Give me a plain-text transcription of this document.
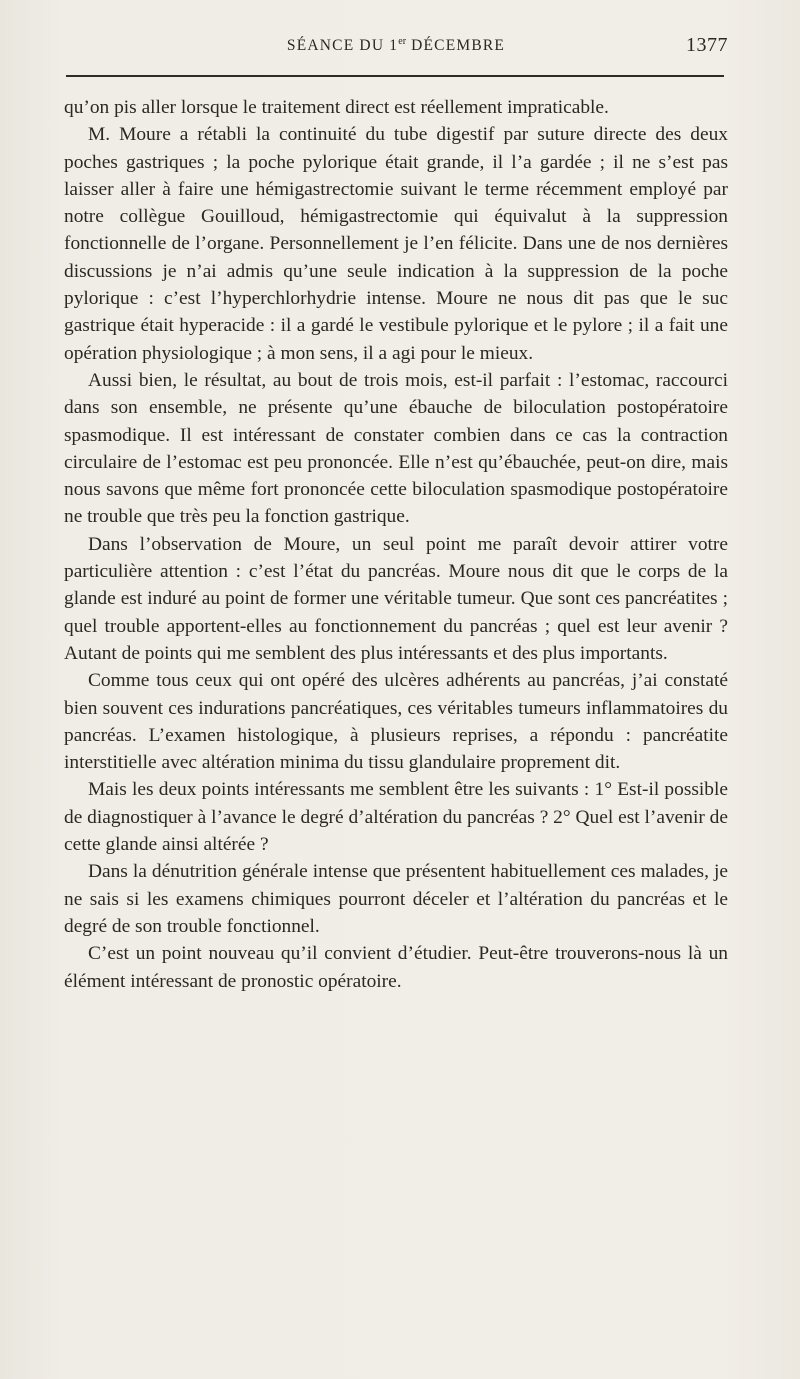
SÉANCE DU 1er DÉCEMBRE	1377

qu’on pis aller lorsque le traitement direct est réellement impraticable.

M. Moure a rétabli la continuité du tube digestif par suture directe des deux poches gastriques ; la poche pylorique était grande, il l’a gardée ; il ne s’est pas laisser aller à faire une hémigastrectomie suivant le terme récemment employé par notre collègue Gouilloud, hémigastrectomie qui équivalut à la suppression fonctionnelle de l’organe. Personnellement je l’en félicite. Dans une de nos dernières discussions je n’ai admis qu’une seule indication à la suppression de la poche pylorique : c’est l’hyperchlorhydrie intense. Moure ne nous dit pas que le suc gastrique était hyperacide : il a gardé le vestibule pylorique et le pylore ; il a fait une opération physiologique ; à mon sens, il a agi pour le mieux.

Aussi bien, le résultat, au bout de trois mois, est-il parfait : l’estomac, raccourci dans son ensemble, ne présente qu’une ébauche de biloculation postopératoire spasmodique. Il est intéressant de constater combien dans ce cas la contraction circulaire de l’estomac est peu prononcée. Elle n’est qu’ébauchée, peut-on dire, mais nous savons que même fort prononcée cette biloculation spasmodique postopératoire ne trouble que très peu la fonction gastrique.

Dans l’observation de Moure, un seul point me paraît devoir attirer votre particulière attention : c’est l’état du pancréas. Moure nous dit que le corps de la glande est induré au point de former une véritable tumeur. Que sont ces pancréatites ; quel trouble apportent-elles au fonctionnement du pancréas ; quel est leur avenir ? Autant de points qui me semblent des plus intéressants et des plus importants.

Comme tous ceux qui ont opéré des ulcères adhérents au pancréas, j’ai constaté bien souvent ces indurations pancréatiques, ces véritables tumeurs inflammatoires du pancréas. L’examen histologique, à plusieurs reprises, a répondu : pancréatite interstitielle avec altération minima du tissu glandulaire proprement dit.

Mais les deux points intéressants me semblent être les suivants : 1° Est-il possible de diagnostiquer à l’avance le degré d’altération du pancréas ? 2° Quel est l’avenir de cette glande ainsi altérée ?

Dans la dénutrition générale intense que présentent habituellement ces malades, je ne sais si les examens chimiques pourront déceler et l’altération du pancréas et le degré de son trouble fonctionnel.

C’est un point nouveau qu’il convient d’étudier. Peut-être trouverons-nous là un élément intéressant de pronostic opératoire.
